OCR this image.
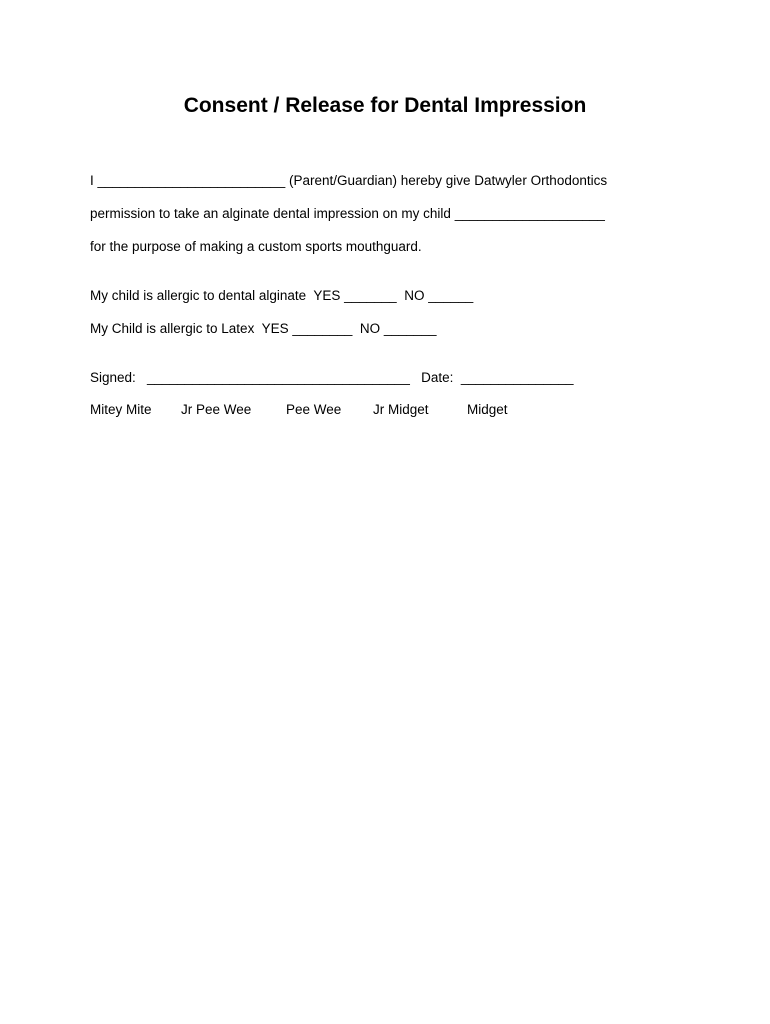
Consent / Release for Dental Impression
I _________________________ (Parent/Guardian) hereby give Datwyler Orthodontics
permission to take an alginate dental impression on my child ____________________
for the purpose of making a custom sports mouthguard.
My child is allergic to dental alginate  YES _______  NO ______
My Child is allergic to Latex  YES ________  NO _______
Signed:   ___________________________________   Date:  _______________
Mitey Mite Jr Pee Wee	Pee Wee Jr Midget	Midget
